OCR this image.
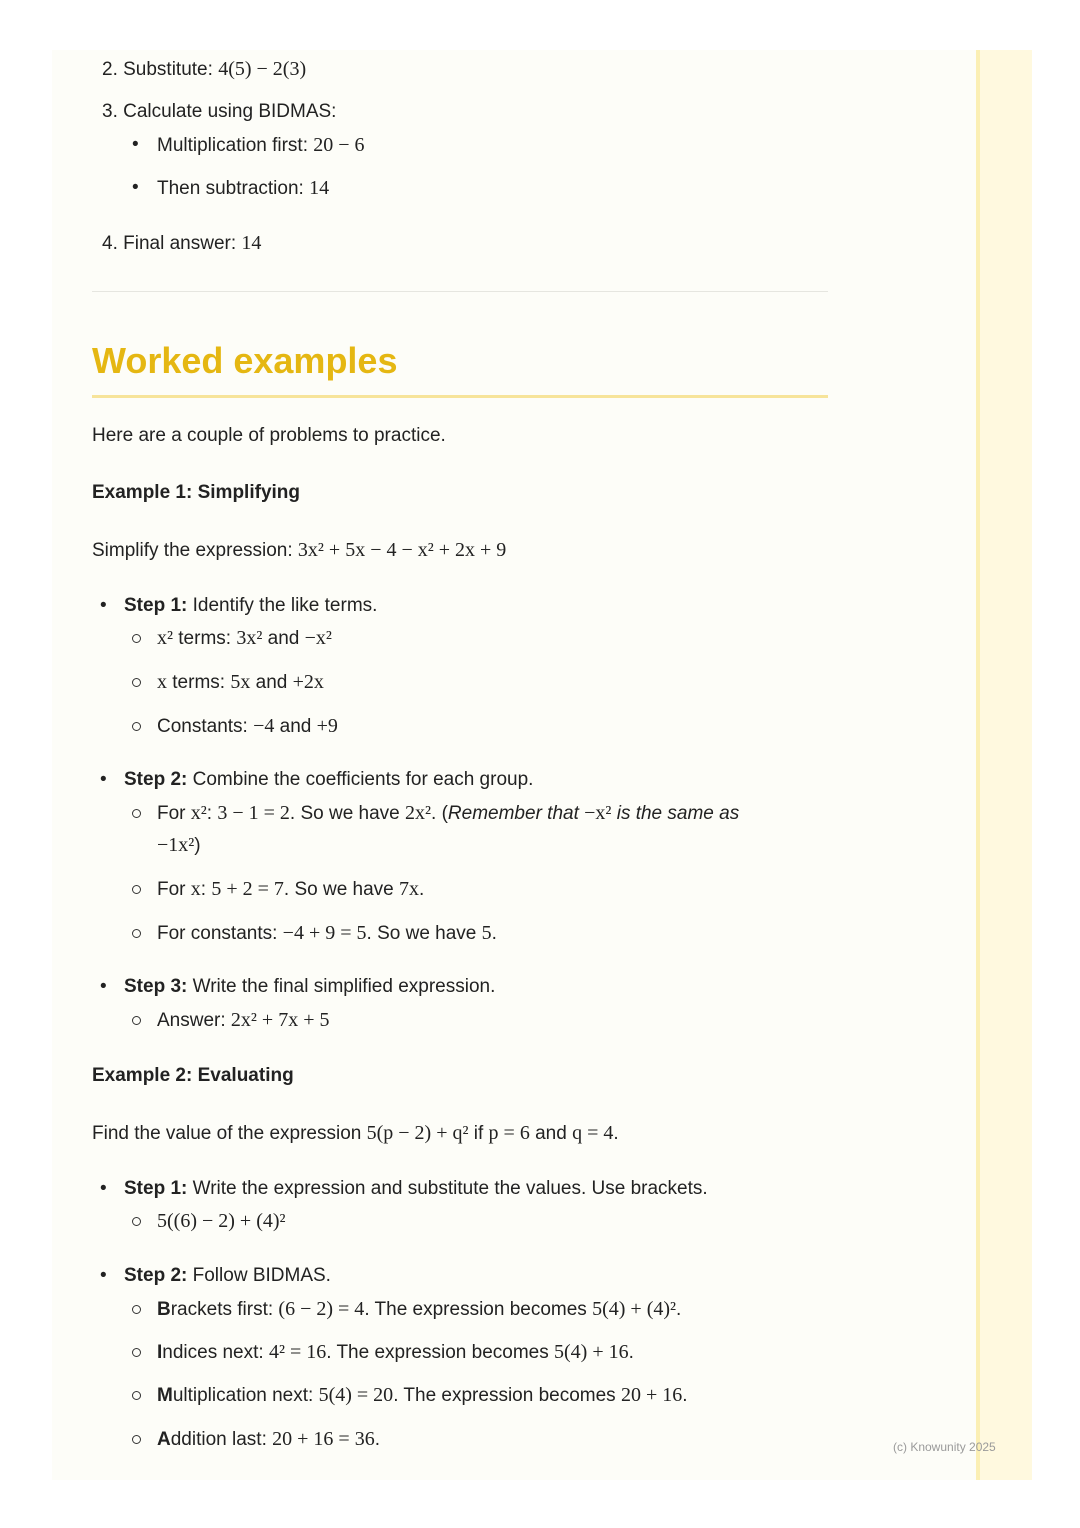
2. Substitute: 4(5) − 2(3)
3. Calculate using BIDMAS:
• Multiplication first: 20 − 6
• Then subtraction: 14
4. Final answer: 14
Worked examples
Here are a couple of problems to practice.
Example 1: Simplifying
Simplify the expression: 3x² + 5x − 4 − x² + 2x + 9
• Step 1: Identify the like terms.
x² terms: 3x² and −x²
x terms: 5x and +2x
Constants: −4 and +9
• Step 2: Combine the coefficients for each group.
For x²: 3 − 1 = 2. So we have 2x². (Remember that −x² is the same as
−1x²)
For x: 5 + 2 = 7. So we have 7x.
For constants: −4 + 9 = 5. So we have 5.
• Step 3: Write the final simplified expression.
Answer: 2x² + 7x + 5
Example 2: Evaluating
Find the value of the expression 5(p − 2) + q² if p = 6 and q = 4.
• Step 1: Write the expression and substitute the values. Use brackets.
5((6) − 2) + (4)²
• Step 2: Follow BIDMAS.
Brackets first: (6 − 2) = 4. The expression becomes 5(4) + (4)².
Indices next: 4² = 16. The expression becomes 5(4) + 16.
Multiplication next: 5(4) = 20. The expression becomes 20 + 16.
Addition last: 20 + 16 = 36.	(c) Knowunity 2025
